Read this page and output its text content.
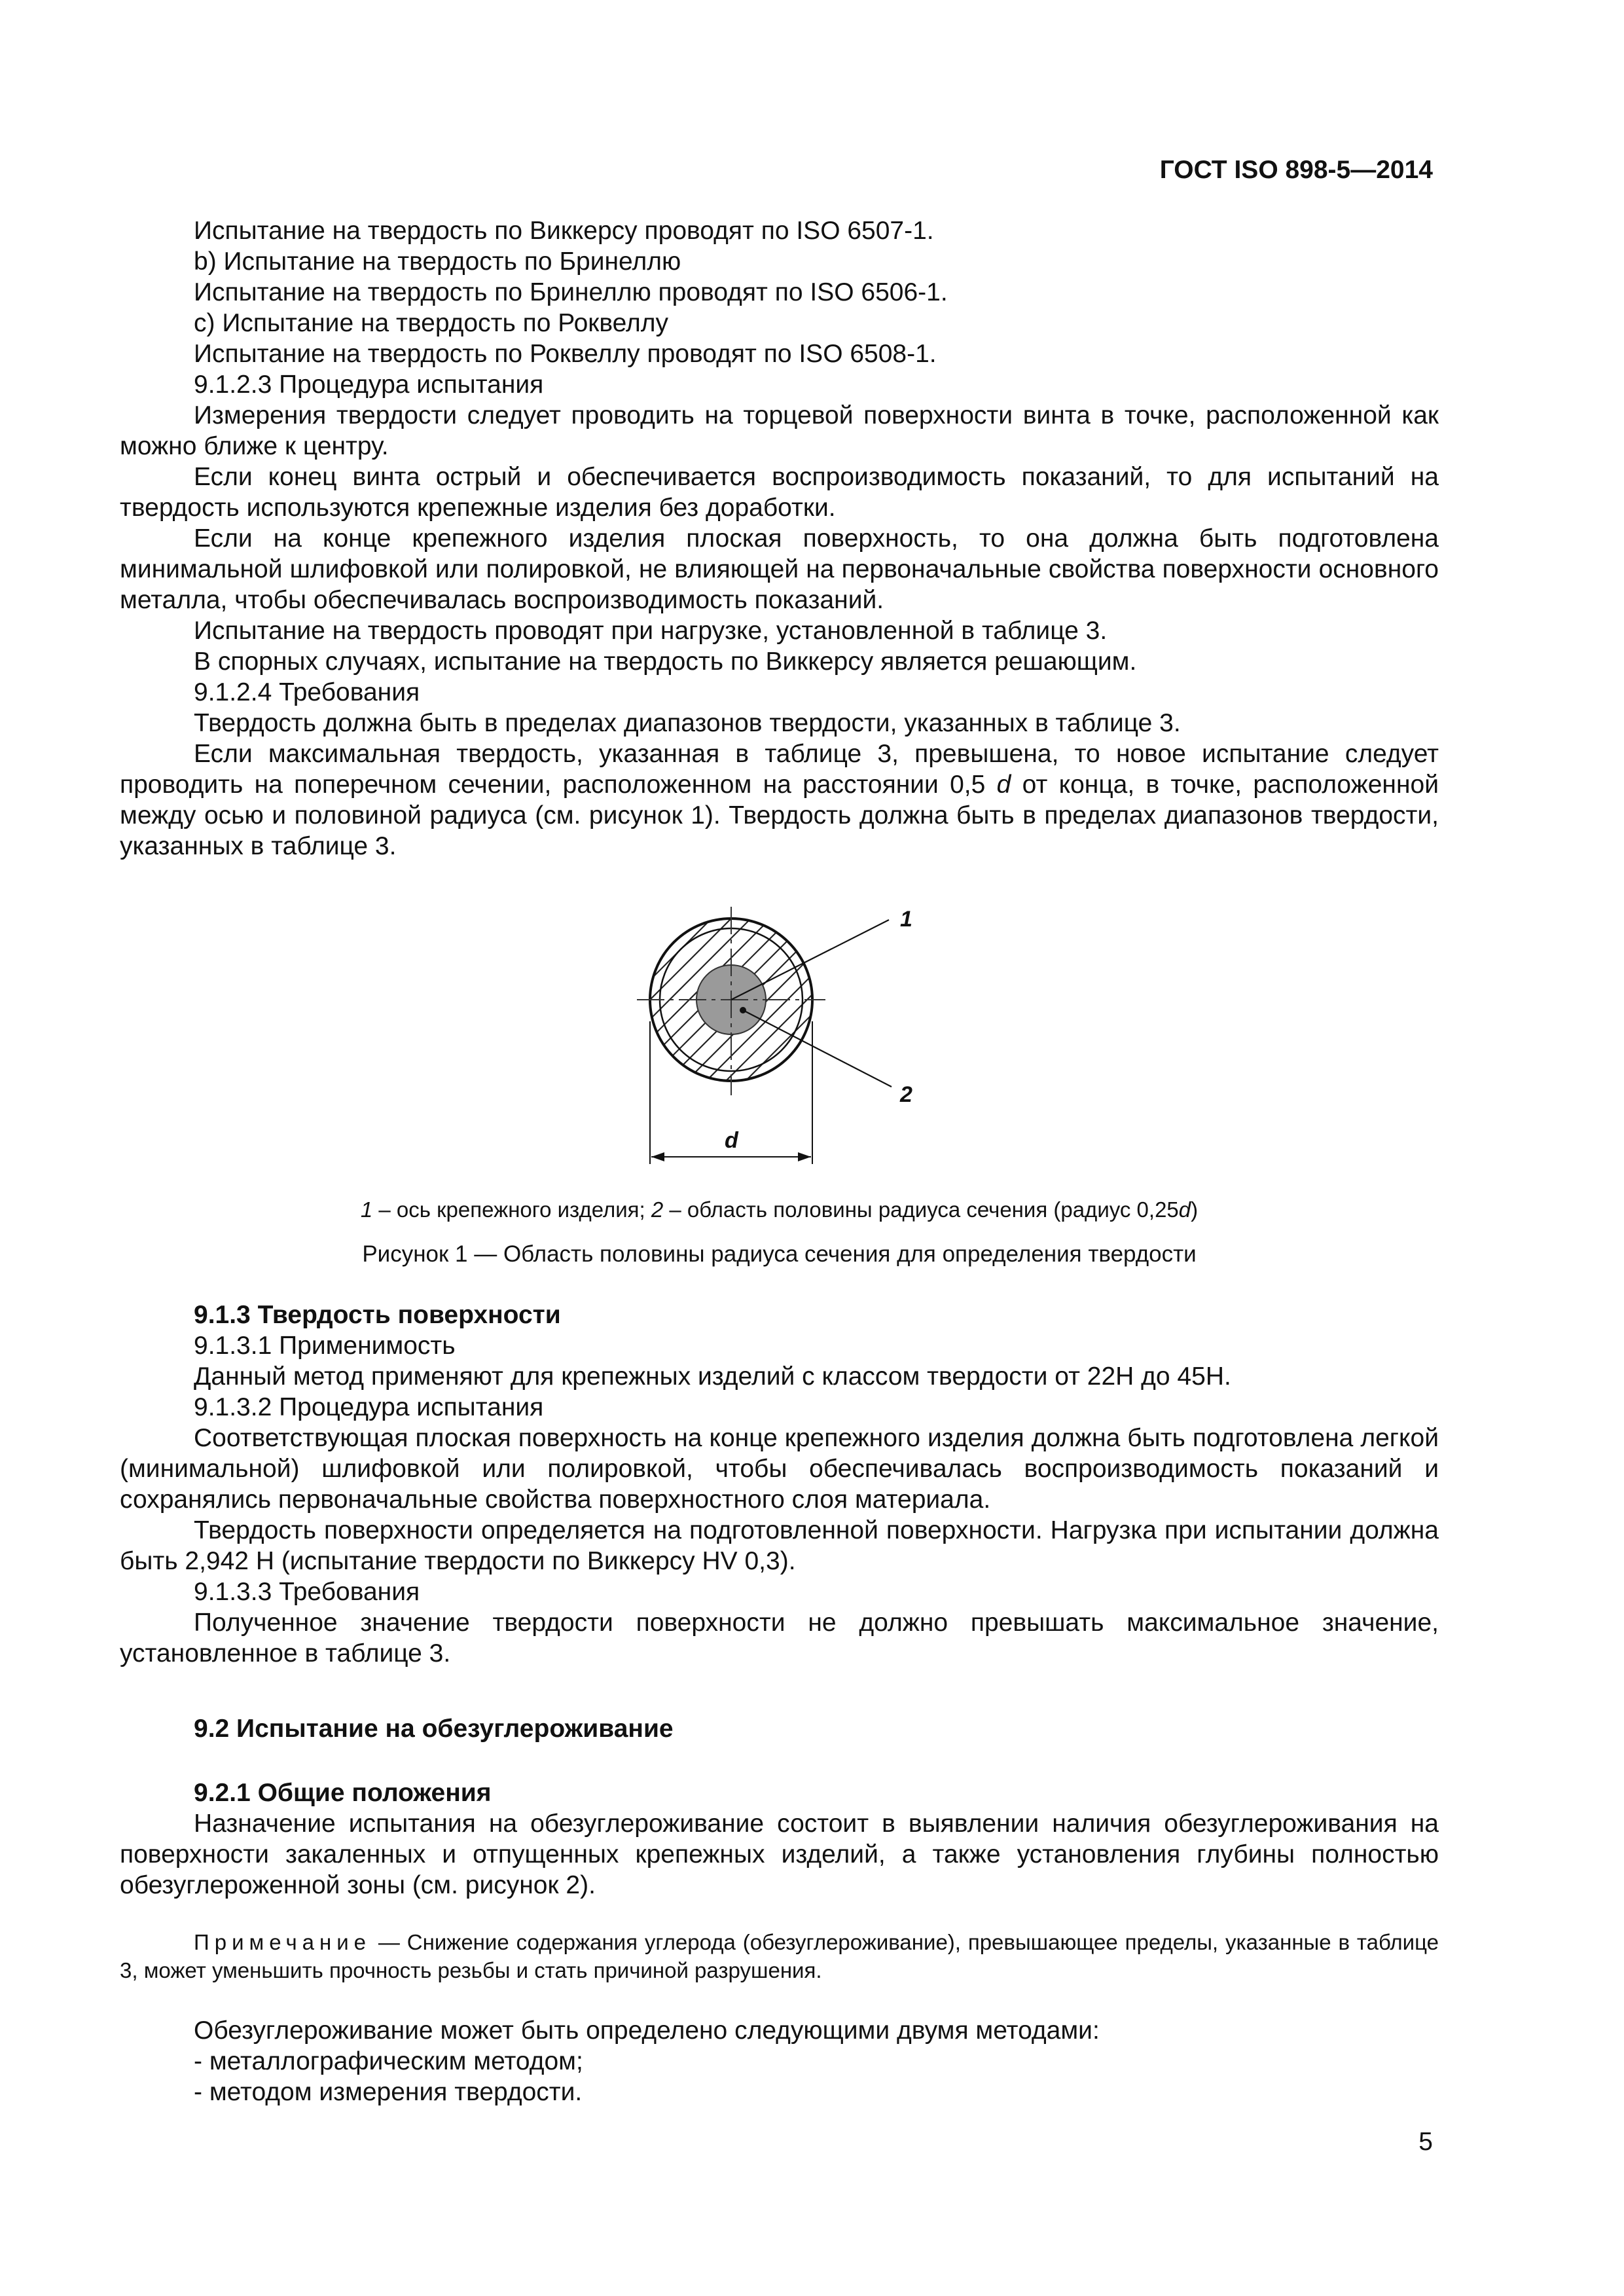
ГОСТ ISO 898-5—2014

Испытание на твердость по Виккерсу проводят по ISO 6507-1.

b) Испытание на твердость по Бринеллю

Испытание на твердость по Бринеллю проводят по ISO 6506-1.

c) Испытание на твердость по Роквеллу

Испытание на твердость по Роквеллу проводят по ISO 6508-1.

9.1.2.3 Процедура испытания

Измерения твердости следует проводить на торцевой поверхности винта в точке, расположенной как можно ближе к центру.

Если конец винта острый и обеспечивается воспроизводимость показаний, то для испытаний на твердость используются крепежные изделия без доработки.

Если на конце крепежного изделия плоская поверхность, то она должна быть подготовлена минимальной шлифовкой или полировкой, не влияющей на первоначальные свойства поверхности основного металла, чтобы обеспечивалась воспроизводимость показаний.

Испытание на твердость проводят при нагрузке, установленной в таблице 3.

В спорных случаях, испытание на твердость по Виккерсу является решающим.

9.1.2.4 Требования

Твердость должна быть в пределах диапазонов твердости, указанных в таблице 3.

Если максимальная твердость, указанная в таблице 3, превышена, то новое испытание следует проводить на поперечном сечении, расположенном на расстоянии 0,5 d от конца, в точке, расположенной между осью и половиной радиуса (см. рисунок 1). Твердость должна быть в пределах диапазонов твердости, указанных в таблице 3.

1
2
d
1 – ось крепежного изделия; 2 – область половины радиуса сечения (радиус 0,25d)
Рисунок 1 — Область половины радиуса сечения для определения твердости

9.1.3 Твердость поверхности

9.1.3.1 Применимость

Данный метод применяют для крепежных изделий с классом твердости от 22H до 45H.

9.1.3.2 Процедура испытания

Соответствующая плоская поверхность на конце крепежного изделия должна быть подготовлена легкой (минимальной) шлифовкой или полировкой, чтобы обеспечивалась воспроизводимость показаний и сохранялись первоначальные свойства поверхностного слоя материала.

Твердость поверхности определяется на подготовленной поверхности. Нагрузка при испытании должна быть 2,942 Н (испытание твердости по Виккерсу HV 0,3).

9.1.3.3 Требования

Полученное значение твердости поверхности не должно превышать максимальное значение, установленное в таблице 3.

9.2 Испытание на обезуглероживание

9.2.1 Общие положения

Назначение испытания на обезуглероживание состоит в выявлении наличия обезуглероживания на поверхности закаленных и отпущенных крепежных изделий, а также установления глубины полностью обезуглероженной зоны (см. рисунок 2).

Примечание — Снижение содержания углерода (обезуглероживание), превышающее пределы, указанные в таблице 3, может уменьшить прочность резьбы и стать причиной разрушения.

Обезуглероживание может быть определено следующими двумя методами:

- металлографическим методом;

- методом измерения твердости.

5
